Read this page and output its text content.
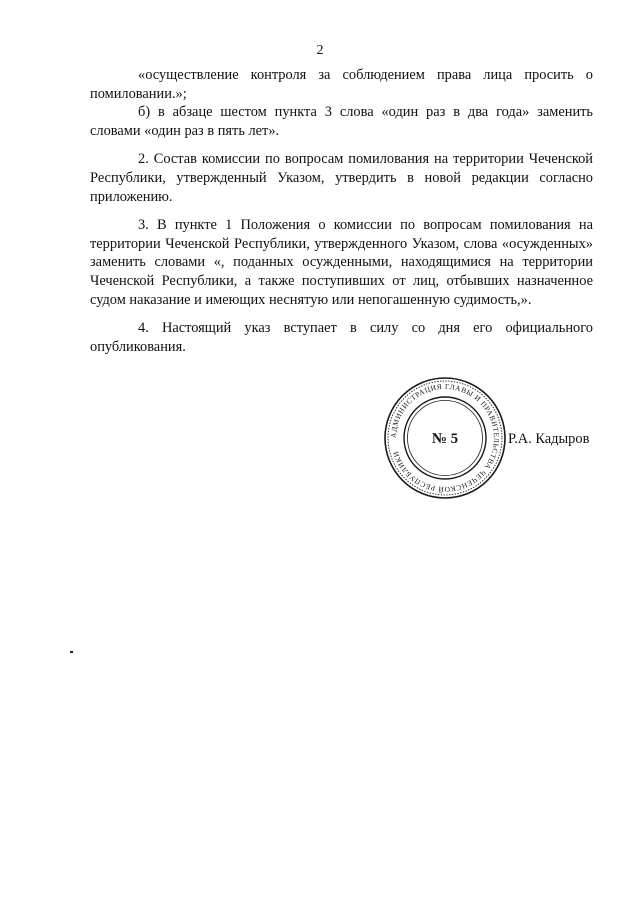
2

«осуществление контроля за соблюдением права лица просить о помиловании.»;

б) в абзаце шестом пункта 3 слова «один раз в два года» заменить словами «один раз в пять лет».

2. Состав комиссии по вопросам помилования на территории Чеченской Республики, утвержденный Указом, утвердить в новой редакции согласно приложению.

3. В пункте 1 Положения о комиссии по вопросам помилования на территории Чеченской Республики, утвержденного Указом, слова «осужденных» заменить словами «, поданных осужденными, находящимися на территории Чеченской Республики, а также поступивших от лиц, отбывших назначенное судом наказание и имеющих неснятую или непогашенную судимость,».

4. Настоящий указ вступает в силу со дня его официального опубликования.

АДМИНИСТРАЦИЯ ГЛАВЫ И ПРАВИТЕЛЬСТВА ЧЕЧЕНСКОЙ РЕСПУБЛИКИ
№ 5	Р.А. Кадыров
